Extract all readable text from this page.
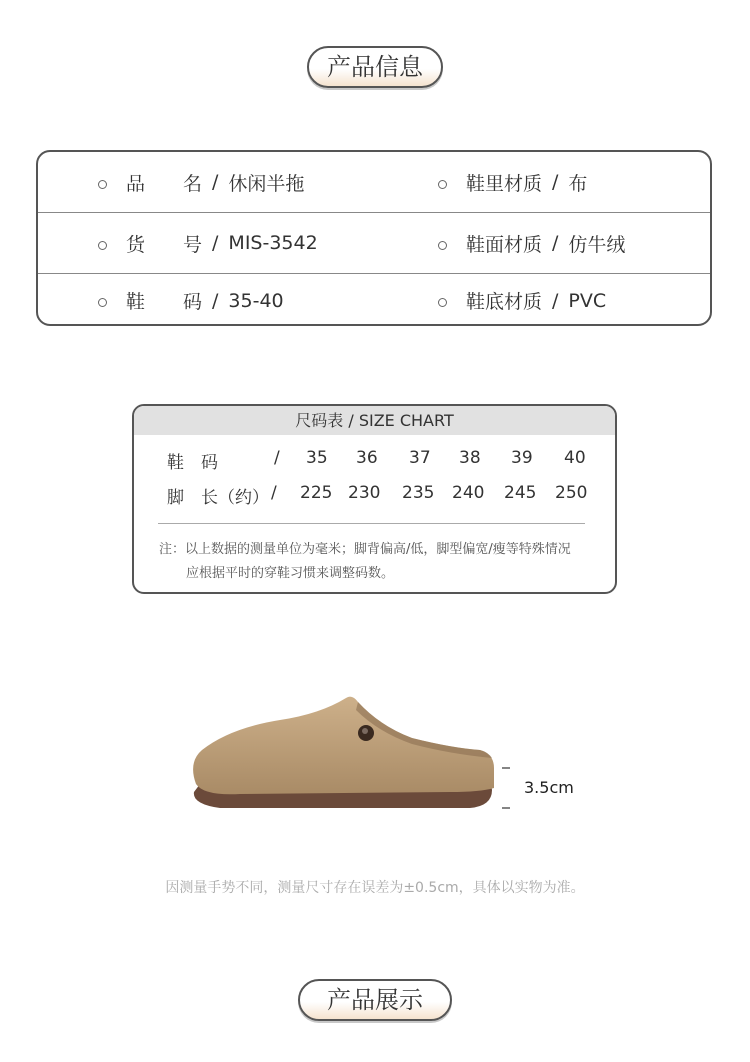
产品信息
品　　名 / 休闲半拖	鞋里材质 / 布
货　　号 / MIS-3542	鞋面材质 / 仿牛绒
鞋　　码 / 35-40	鞋底材质 / PVC
尺码表 / SIZE CHART
鞋　码	/ 35 36 37 38 39 40
脚　长（约） / 225 230 235 240 245 250
注：以上数据的测量单位为毫米；脚背偏高/低，脚型偏宽/瘦等特殊情况
应根据平时的穿鞋习惯来调整码数。
3.5cm
因测量手势不同，测量尺寸存在误差为±0.5cm，具体以实物为准。
产品展示
